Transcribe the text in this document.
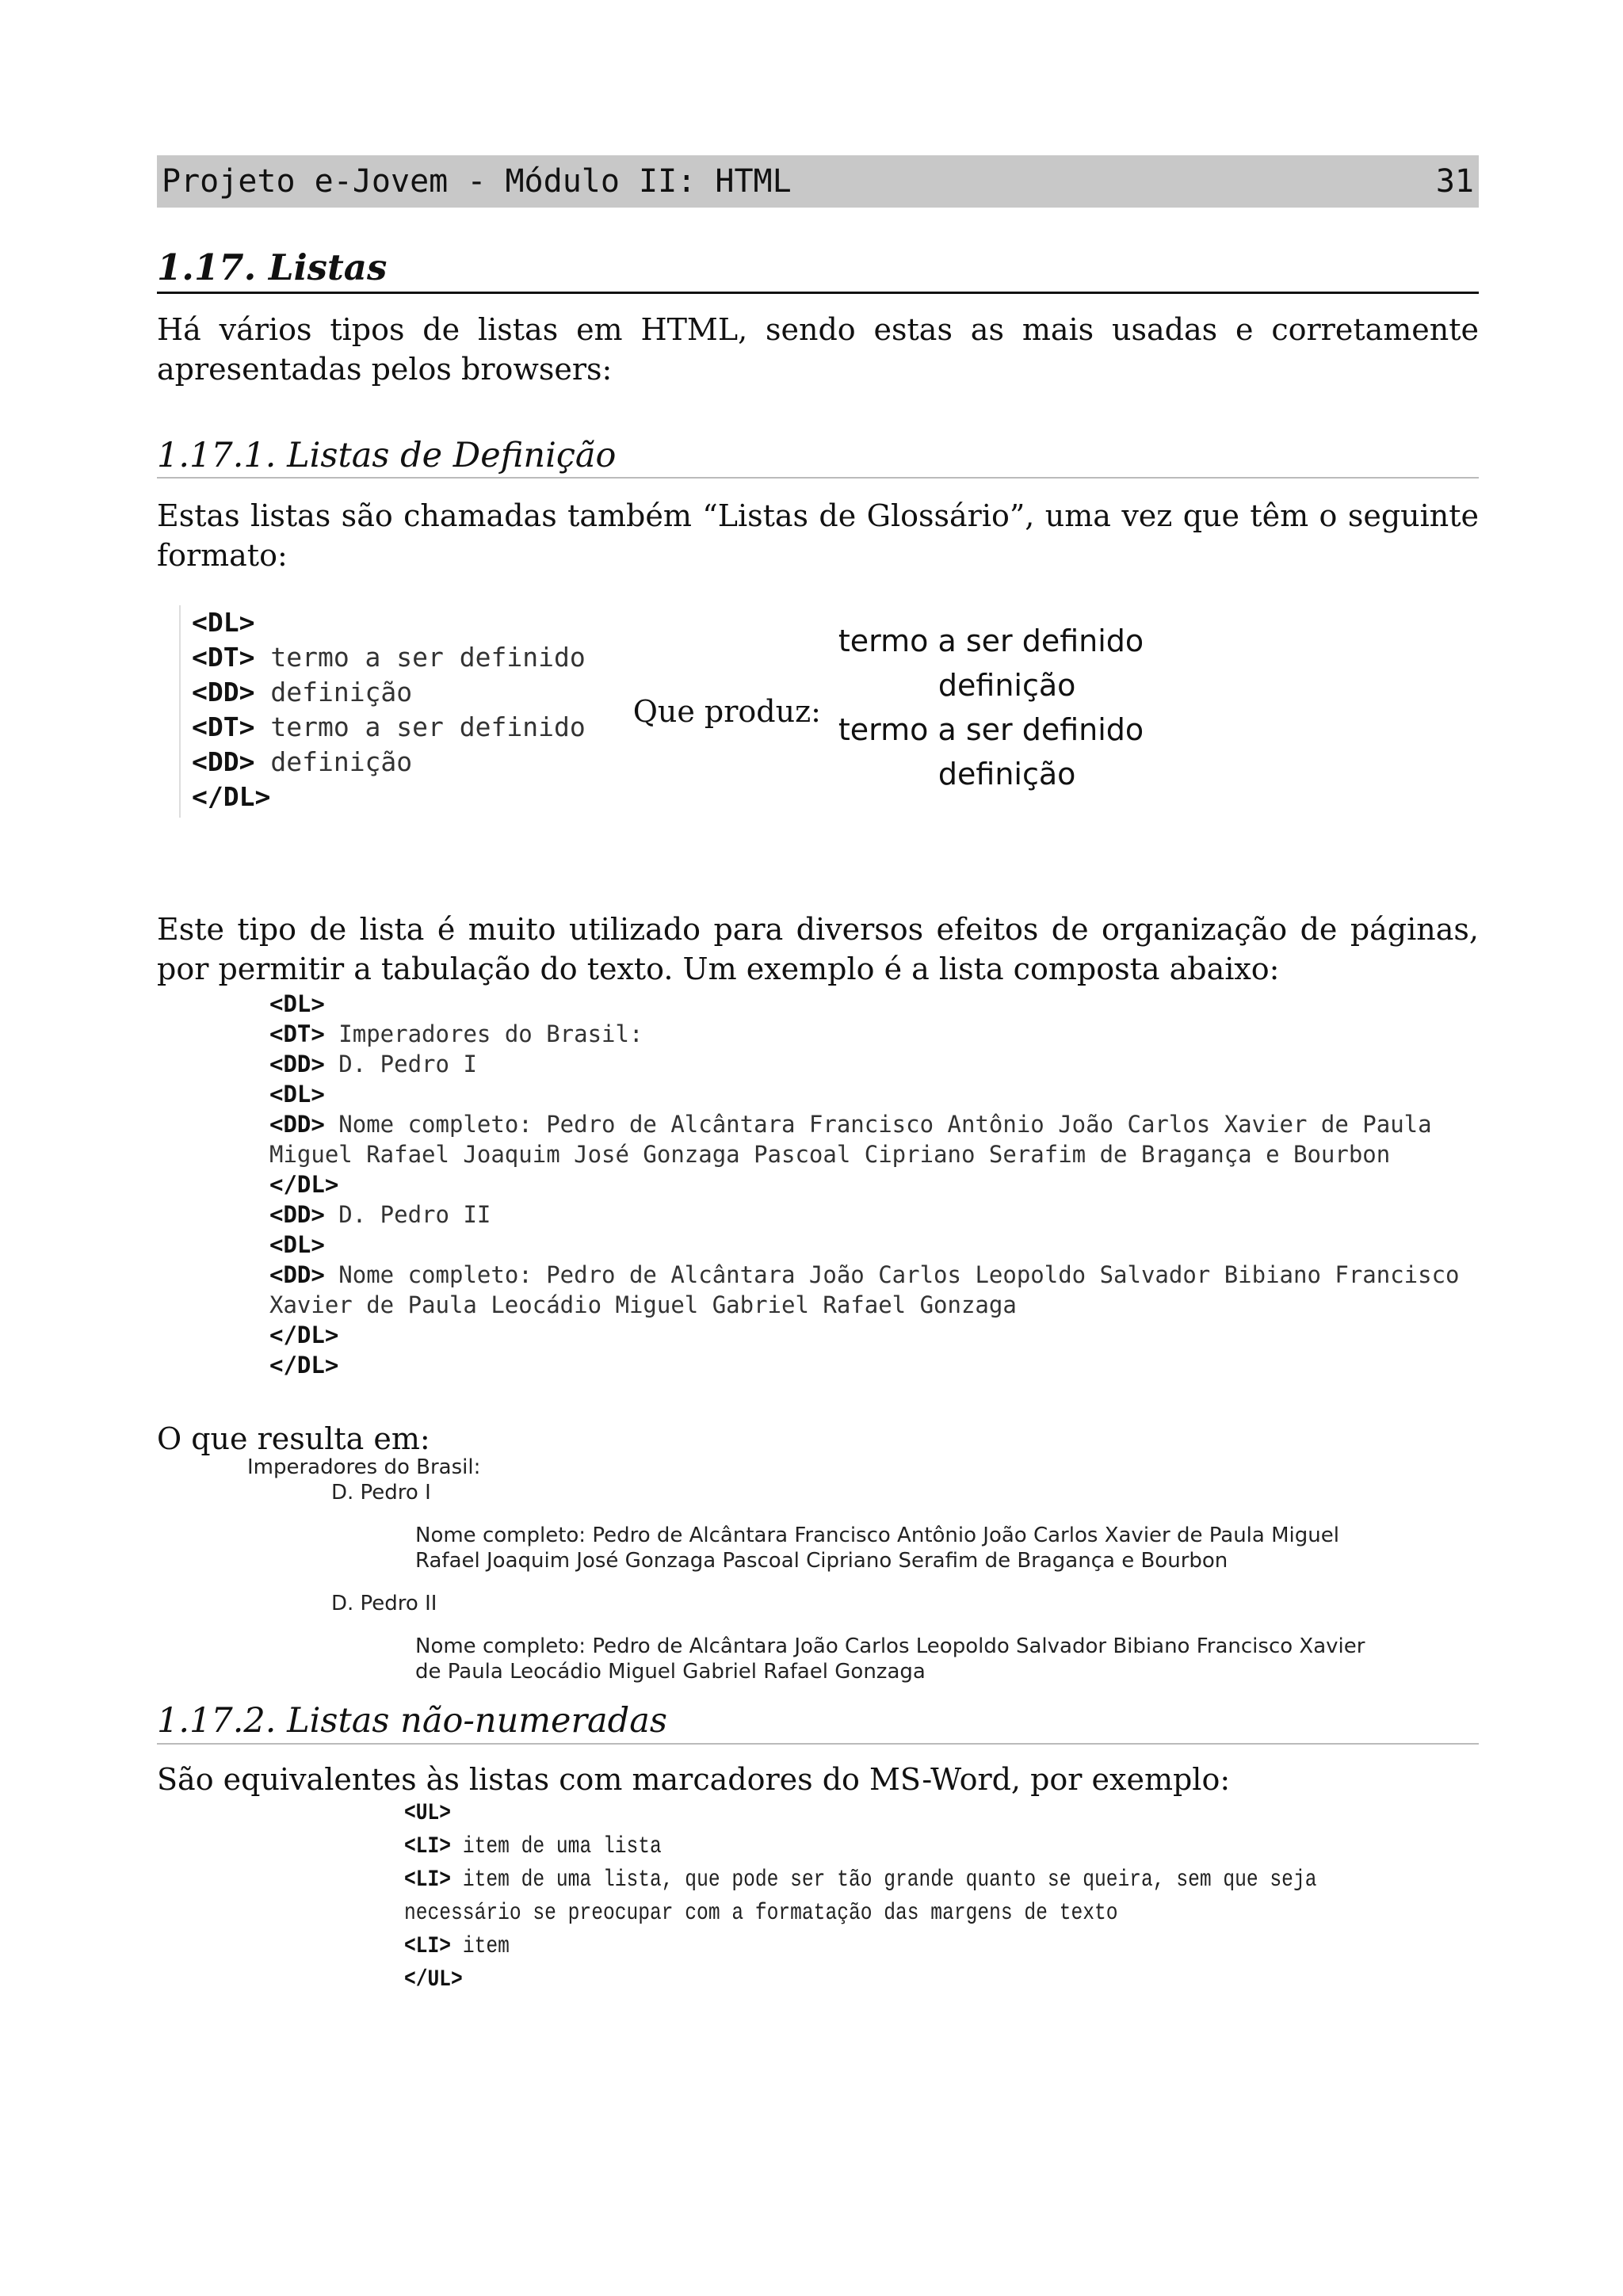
Projeto e-Jovem - Módulo II: HTML	31
1.17. Listas

Há vários tipos de listas em HTML, sendo estas as mais usadas e corretamente apresentadas pelos browsers:

1.17.1. Listas de Definição

Estas listas são chamadas também “Listas de Glossário”, uma vez que têm o seguinte formato:

<DL>
<DT> termo a ser definido
<DD> definição
<DT> termo a ser definido
<DD> definição
</DL>
Que produz:
termo a ser definido
definição
termo a ser definido
definição

Este tipo de lista é muito utilizado para diversos efeitos de organização de páginas, por permitir a tabulação do texto. Um exemplo é a lista composta abaixo:

<DL>
<DT> Imperadores do Brasil:
<DD> D. Pedro I
<DL>
<DD> Nome completo: Pedro de Alcântara Francisco Antônio João Carlos Xavier de Paula  Miguel Rafael Joaquim José Gonzaga Pascoal Cipriano Serafim de Bragança e Bourbon
</DL>
<DD> D. Pedro II
<DL>
<DD> Nome completo: Pedro de Alcântara João Carlos Leopoldo Salvador Bibiano Francisco Xavier de Paula Leocádio Miguel Gabriel Rafael Gonzaga
</DL>
</DL>

O que resulta em:

Imperadores do Brasil:
D. Pedro I
Nome completo: Pedro de Alcântara Francisco Antônio João Carlos Xavier de Paula Miguel Rafael Joaquim José Gonzaga Pascoal Cipriano Serafim de Bragança e Bourbon
D. Pedro II
Nome completo: Pedro de Alcântara João Carlos Leopoldo Salvador Bibiano Francisco Xavier de Paula Leocádio Miguel Gabriel Rafael Gonzaga
1.17.2. Listas não-numeradas

São equivalentes às listas com marcadores do MS-Word, por exemplo:

<UL>
<LI> item de uma lista
<LI> item de uma lista, que pode ser tão grande quanto se queira, sem que seja
necessário se preocupar com a formatação das margens de texto
<LI> item
</UL>
